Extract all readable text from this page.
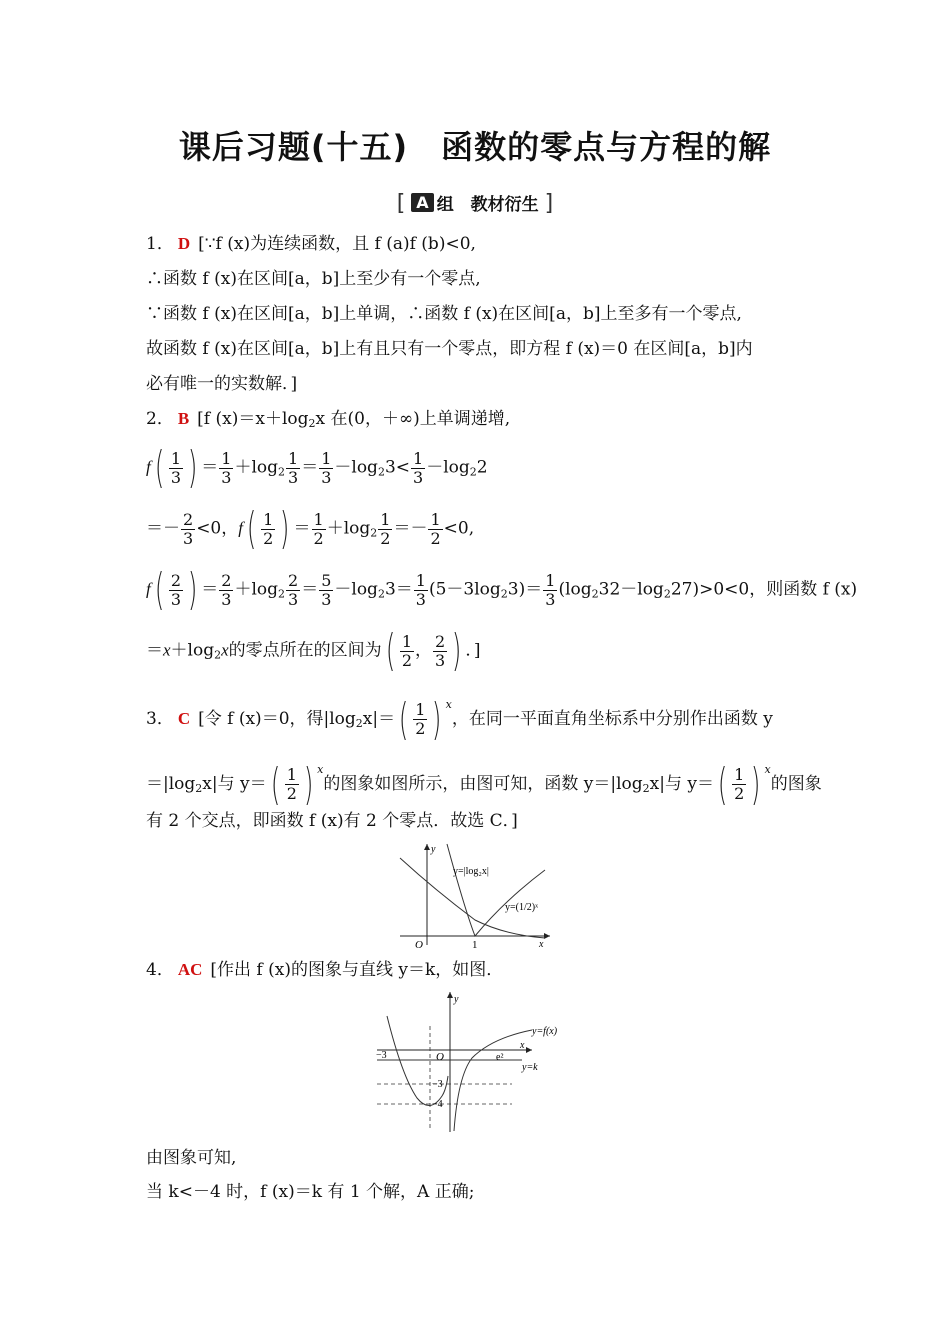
课后习题(十五)　函数的零点与方程的解
[ A 组　教材衍生 ]
1． D [∵f (x)为连续函数，且 f (a)f (b)<0,
∴函数 f (x)在区间[a，b]上至少有一个零点,
∵函数 f (x)在区间[a，b]上单调，∴函数 f (x)在区间[a，b]上至多有一个零点,
故函数 f (x)在区间[a，b]上有且只有一个零点，即方程 f (x)＝0 在区间[a，b]内
必有唯一的实数解．]
2． B [f $(x)=x+\log_2x$ 在(0，＋∞)上单调递增,
$f( \frac{1}{3}$ ) ＝ $\frac{1}{3} +\log_2 \frac{1}{3} = \frac{1}{3} -\log_23< \frac{1}{3} -\log_22$
＝－ $\frac{2}{3} <0$，$f( \frac{1}{2}$ ) ＝ $\frac{1}{2} +\log_2 \frac{1}{2} =- \frac{1}{2} <0$,
$f( \frac{2}{3}$ ) ＝ $\frac{2}{3} +\log_2 \frac{2}{3} = \frac{5}{3} -\log_23= \frac{1}{3} (5-3\log_23)= \frac{1}{3} (\log_232-\log_227)>0<0$，则函数 f (x)
$=x+\log_2x$的零点所在的区间为( $\frac{1}{2}$ ， $\frac{2}{3}$ ) ．]
3． C [令 f (x)＝0，得$|\log_2x|=( \frac{1}{2}$ ) $^x$，在同一平面直角坐标系中分别作出函数 y
$=|\log_2x|$与 $y=( \frac{1}{2}$ ) $^x$的图象如图所示，由图可知，函数 $y=|\log_2x|$与 $y=( \frac{1}{2}$ ) $^x$的图象
有 2 个交点，即函数 f (x)有 2 个零点．故选 C．]
y
x
O	1
y=|log₂x|
y=(1/2)ˣ
4． AC [作出 f (x)的图象与直线 y＝k，如图．
y
x
O
−3	e²
y=k
y=f(x)
−3
−4
由图象可知,
当 k<－4 时，f (x)＝k 有 1 个解，A 正确;
